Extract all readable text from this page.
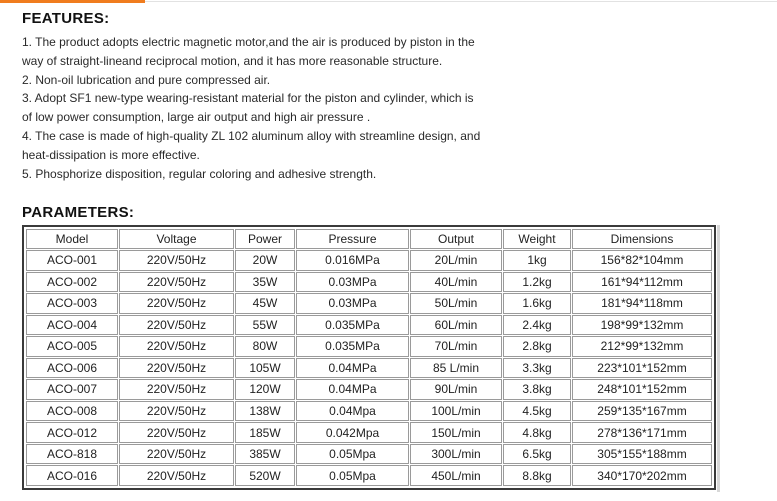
FEATURES:
1. The product adopts electric magnetic motor,and the air is produced by piston in the
way of straight-lineand reciprocal motion, and it has more reasonable structure.
2. Non-oil lubrication and pure compressed air.
3. Adopt SF1 new-type wearing-resistant material for the piston and cylinder, which is
of low power consumption, large air output and high air pressure .
4. The case is made of high-quality ZL 102 aluminum alloy with streamline design, and
heat-dissipation is more effective.
5. Phosphorize disposition, regular coloring and adhesive strength.
PARAMETERS:
Model	Voltage	Power	Pressure	Output	Weight	Dimensions
ACO-001	220V/50Hz	20W	0.016MPa	20L/min	1kg	156*82*104mm
ACO-002	220V/50Hz	35W	0.03MPa	40L/min	1.2kg	161*94*112mm
ACO-003	220V/50Hz	45W	0.03MPa	50L/min	1.6kg	181*94*118mm
ACO-004	220V/50Hz	55W	0.035MPa	60L/min	2.4kg	198*99*132mm
ACO-005	220V/50Hz	80W	0.035MPa	70L/min	2.8kg	212*99*132mm
ACO-006	220V/50Hz	105W	0.04MPa	85 L/min	3.3kg	223*101*152mm
ACO-007	220V/50Hz	120W	0.04MPa	90L/min	3.8kg	248*101*152mm
ACO-008	220V/50Hz	138W	0.04Mpa	100L/min	4.5kg	259*135*167mm
ACO-012	220V/50Hz	185W	0.042Mpa	150L/min	4.8kg	278*136*171mm
ACO-818	220V/50Hz	385W	0.05Mpa	300L/min	6.5kg	305*155*188mm
ACO-016	220V/50Hz	520W	0.05Mpa	450L/min	8.8kg	340*170*202mm
